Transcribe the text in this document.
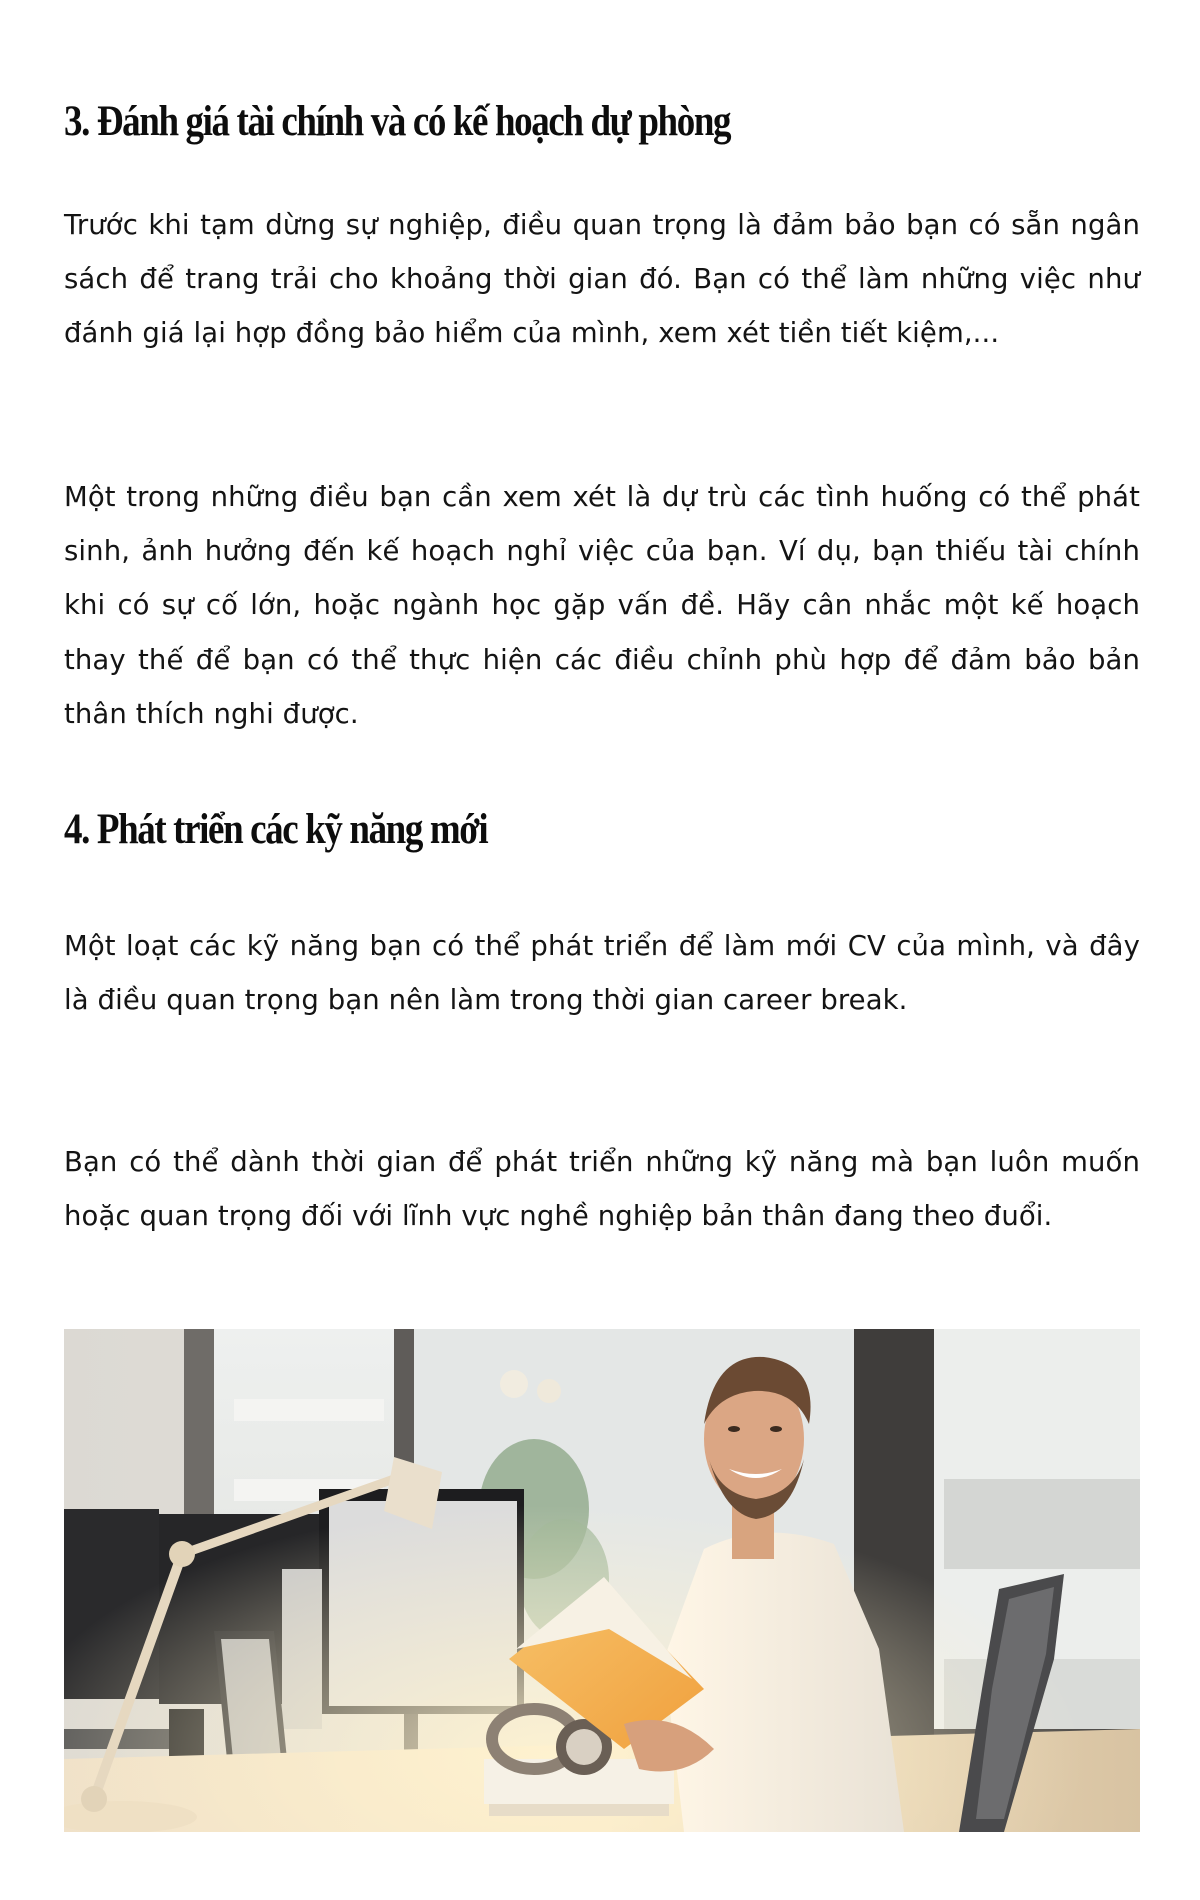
3. Đánh giá tài chính và có kế hoạch dự phòng

Trước khi tạm dừng sự nghiệp, điều quan trọng là đảm bảo bạn có sẵn ngân sách để trang trải cho khoảng thời gian đó. Bạn có thể làm những việc như đánh giá lại hợp đồng bảo hiểm của mình, xem xét tiền tiết kiệm,...

Một trong những điều bạn cần xem xét là dự trù các tình huống có thể phát sinh, ảnh hưởng đến kế hoạch nghỉ việc của bạn. Ví dụ, bạn thiếu tài chính khi có sự cố lớn, hoặc ngành học gặp vấn đề. Hãy cân nhắc một kế hoạch thay thế để bạn có thể thực hiện các điều chỉnh phù hợp để đảm bảo bản thân thích nghi được.

4. Phát triển các kỹ năng mới

Một loạt các kỹ năng bạn có thể phát triển để làm mới CV của mình, và đây là điều quan trọng bạn nên làm trong thời gian career break.

Bạn có thể dành thời gian để phát triển những kỹ năng mà bạn luôn muốn hoặc quan trọng đối với lĩnh vực nghề nghiệp bản thân đang theo đuổi.
